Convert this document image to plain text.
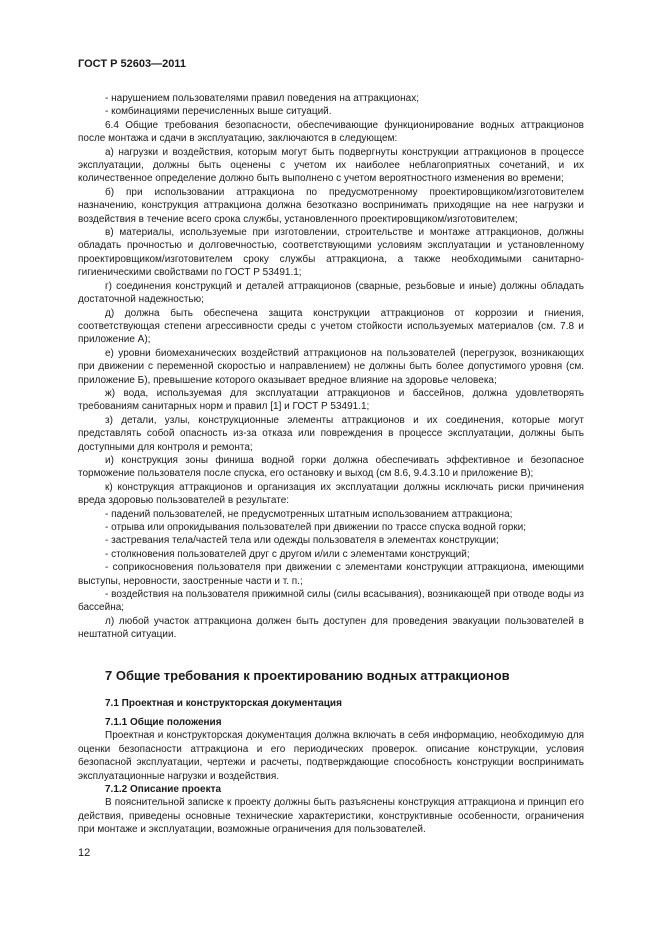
ГОСТ Р 52603—2011

- нарушением пользователями правил поведения на аттракционах;

- комбинациями перечисленных выше ситуаций.

6.4 Общие требования безопасности, обеспечивающие функционирование водных аттракционов после монтажа и сдачи в эксплуатацию, заключаются в следующем:

а) нагрузки и воздействия, которым могут быть подвергнуты конструкции аттракционов в процессе эксплуатации, должны быть оценены с учетом их наиболее неблагоприятных сочетаний, и их количественное определение должно быть выполнено с учетом вероятностного изменения во времени;

б) при использовании аттракциона по предусмотренному проектировщиком/изготовителем назначению, конструкция аттракциона должна безотказно воспринимать приходящие на нее нагрузки и воздействия в течение всего срока службы, установленного проектировщиком/изготовителем;

в) материалы, используемые при изготовлении, строительстве и монтаже аттракционов, должны обладать прочностью и долговечностью, соответствующими условиям эксплуатации и установленному проектировщиком/изготовителем сроку службы аттракциона, а также необходимыми санитарно-гигиеническими свойствами по ГОСТ Р 53491.1;

г) соединения конструкций и деталей аттракционов (сварные, резьбовые и иные) должны обладать достаточной надежностью;

д) должна быть обеспечена защита конструкции аттракционов от коррозии и гниения, соответствующая степени агрессивности среды с учетом стойкости используемых материалов (см. 7.8 и приложение А);

е) уровни биомеханических воздействий аттракционов на пользователей (перегрузок, возникающих при движении с переменной скоростью и направлением) не должны быть более допустимого уровня (см. приложение Б), превышение которого оказывает вредное влияние на здоровье человека;

ж) вода, используемая для эксплуатации аттракционов и бассейнов, должна удовлетворять требованиям санитарных норм и правил [1] и ГОСТ Р 53491.1;

з) детали, узлы, конструкционные элементы аттракционов и их соединения, которые могут представлять собой опасность из-за отказа или повреждения в процессе эксплуатации, должны быть доступными для контроля и ремонта;

и) конструкция зоны финиша водной горки должна обеспечивать эффективное и безопасное торможение пользователя после спуска, его остановку и выход (см 8.6, 9.4.3.10 и приложение В);

к) конструкция аттракционов и организация их эксплуатации должны исключать риски причинения вреда здоровью пользователей в результате:

- падений пользователей, не предусмотренных штатным использованием аттракциона;

- отрыва или опрокидывания пользователей при движении по трассе спуска водной горки;

- застревания тела/частей тела или одежды пользователя в элементах конструкции;

- столкновения пользователей друг с другом и/или с элементами конструкций;

- соприкосновения пользователя при движении с элементами конструкции аттракциона, имеющими выступы, неровности, заостренные части и т. п.;

- воздействия на пользователя прижимной силы (силы всасывания), возникающей при отводе воды из бассейна;

л) любой участок аттракциона должен быть доступен для проведения эвакуации пользователей в нештатной ситуации.

7 Общие требования к проектированию водных аттракционов
7.1 Проектная и конструкторская документация

7.1.1 Общие положения

Проектная и конструкторская документация должна включать в себя информацию, необходимую для оценки безопасности аттракциона и его периодических проверок. описание конструкции, условия безопасной эксплуатации, чертежи и расчеты, подтверждающие способность конструкции воспринимать эксплуатационные нагрузки и воздействия.

7.1.2 Описание проекта

В пояснительной записке к проекту должны быть разъяснены конструкция аттракциона и принцип его действия, приведены основные технические характеристики, конструктивные особенности, ограничения при монтаже и эксплуатации, возможные ограничения для пользователей.

12
